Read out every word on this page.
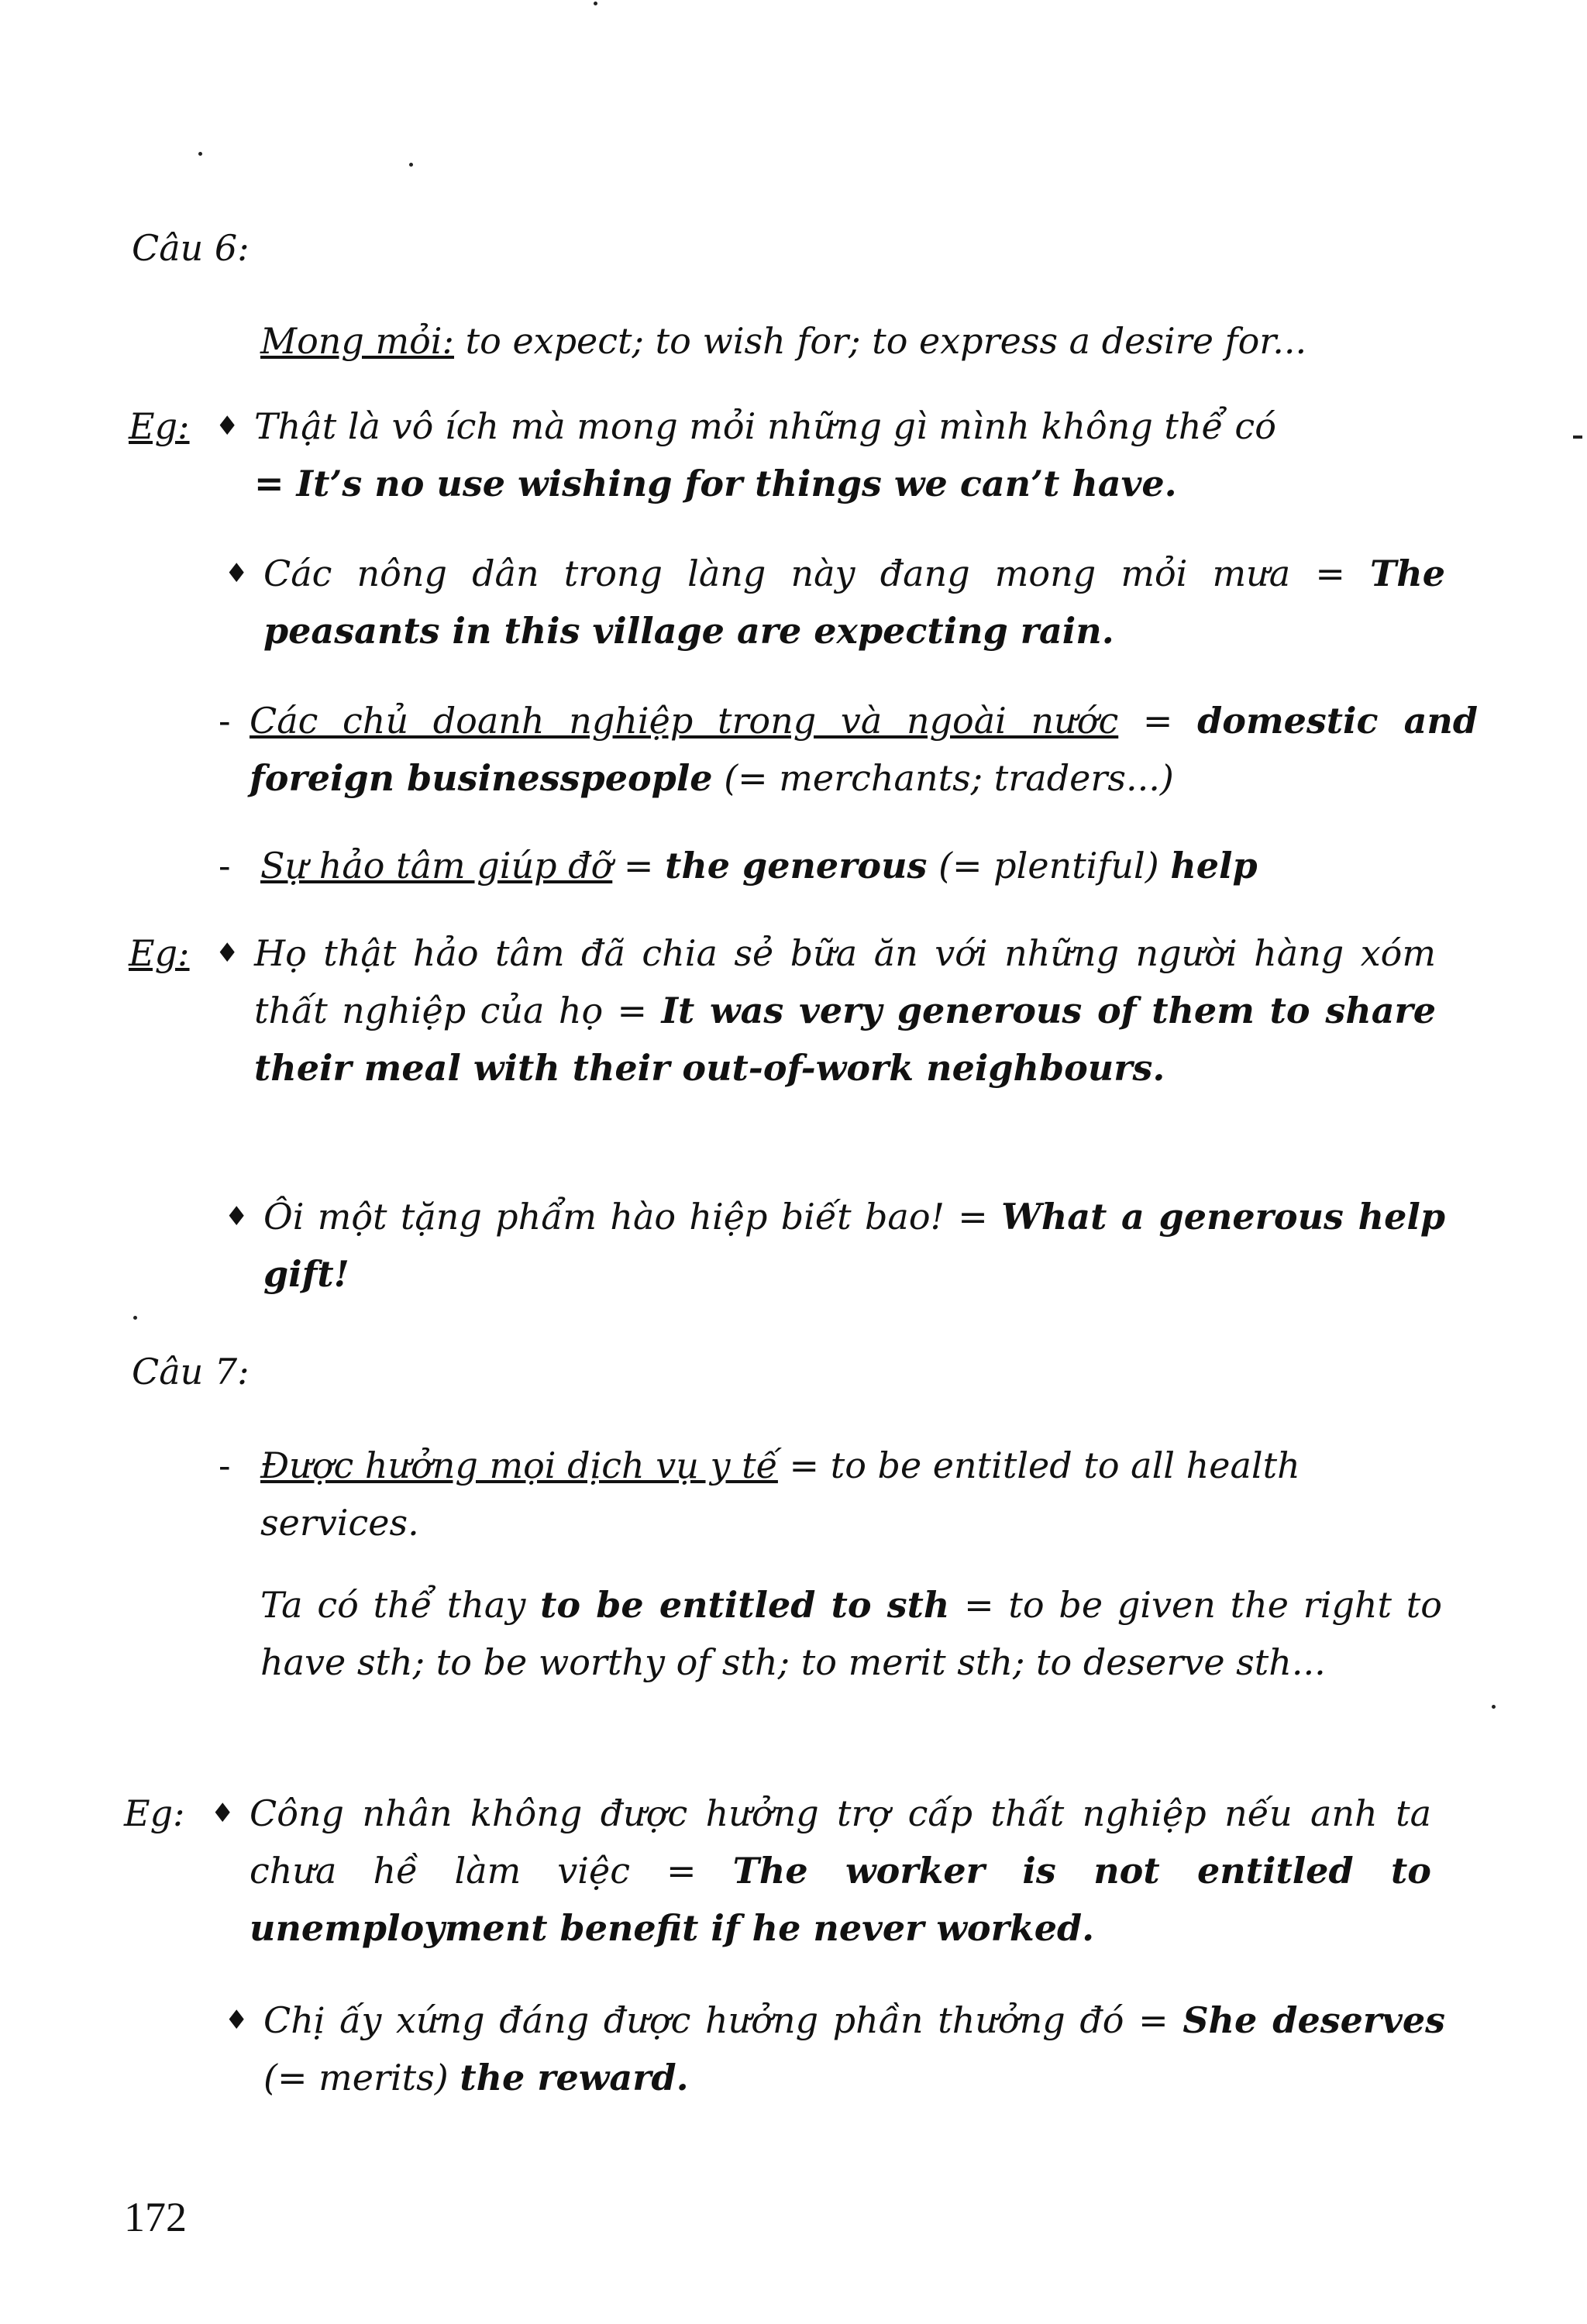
Câu 6:
Mong mỏi: to expect; to wish for; to express a desire for...
Eg: ♦ Thật là vô ích mà mong mỏi những gì mình không thể có
= It’s no use wishing for things we can’t have.
♦ Các nông dân trong làng này đang mong mỏi mưa = The peasants in this village are expecting rain.
- Các chủ doanh nghiệp trong và ngoài nước = domestic and foreign businesspeople (= merchants; traders...)
- Sự hảo tâm giúp đỡ = the generous (= plentiful) help
Eg: ♦ Họ thật hảo tâm đã chia sẻ bữa ăn với những người hàng xóm thất nghiệp của họ = It was very generous of them to share their meal with their out-of-work neighbours.
♦ Ôi một tặng phẩm hào hiệp biết bao! = What a generous help gift!
Câu 7:
- Được hưởng mọi dịch vụ y tế = to be entitled to all health services.
Ta có thể thay to be entitled to sth = to be given the right to have sth; to be worthy of sth; to merit sth; to deserve sth...
Eg: ♦ Công nhân không được hưởng trợ cấp thất nghiệp nếu anh ta chưa hề làm việc = The worker is not entitled to unemployment benefit if he never worked.
♦ Chị ấy xứng đáng được hưởng phần thưởng đó = She deserves (= merits) the reward.
172
